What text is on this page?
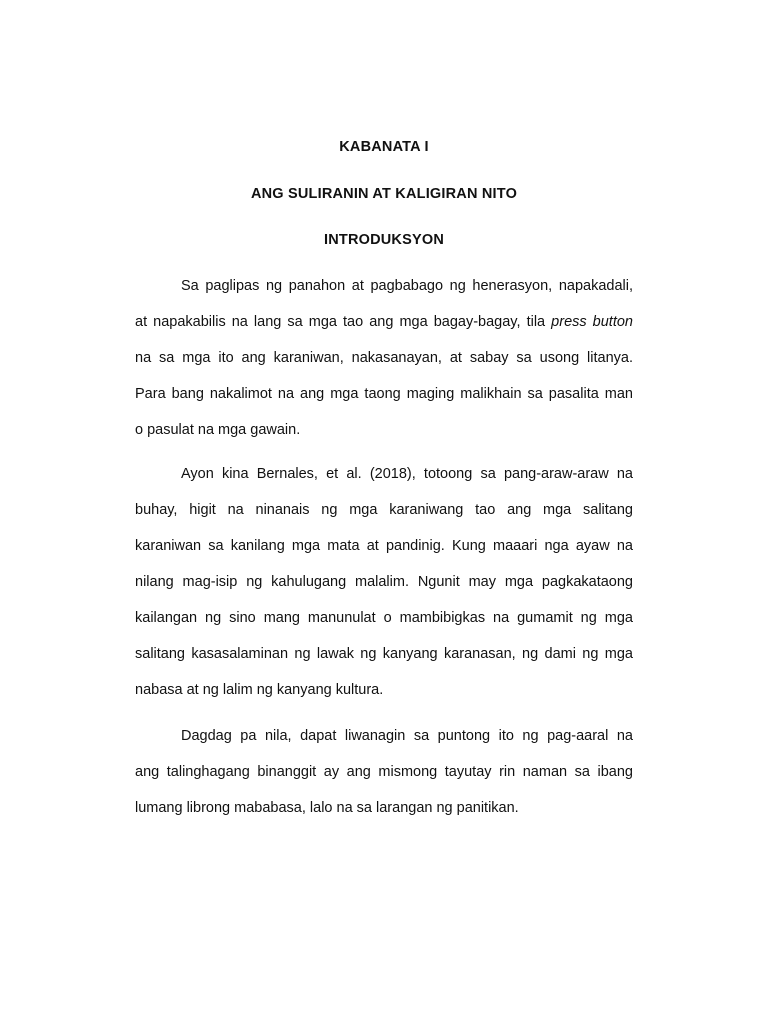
KABANATA I
ANG SULIRANIN AT KALIGIRAN NITO
INTRODUKSYON
Sa paglipas ng panahon at pagbabago ng henerasyon, napakadali,
at napakabilis na lang sa mga tao ang mga bagay-bagay, tila press button
na sa mga ito ang karaniwan, nakasanayan, at sabay sa usong litanya.
Para bang nakalimot na ang mga taong maging malikhain sa pasalita man
o pasulat na mga gawain.
Ayon kina Bernales, et al. (2018), totoong sa pang-araw-araw na
buhay, higit na ninanais ng mga karaniwang tao ang mga salitang
karaniwan sa kanilang mga mata at pandinig. Kung maaari nga ayaw na
nilang mag-isip ng kahulugang malalim. Ngunit may mga pagkakataong
kailangan ng sino mang manunulat o mambibigkas na gumamit ng mga
salitang kasasalaminan ng lawak ng kanyang karanasan, ng dami ng mga
nabasa at ng lalim ng kanyang kultura.
Dagdag pa nila, dapat liwanagin sa puntong ito ng pag-aaral na
ang talinghagang binanggit ay ang mismong tayutay rin naman sa ibang
lumang librong mababasa, lalo na sa larangan ng panitikan.
